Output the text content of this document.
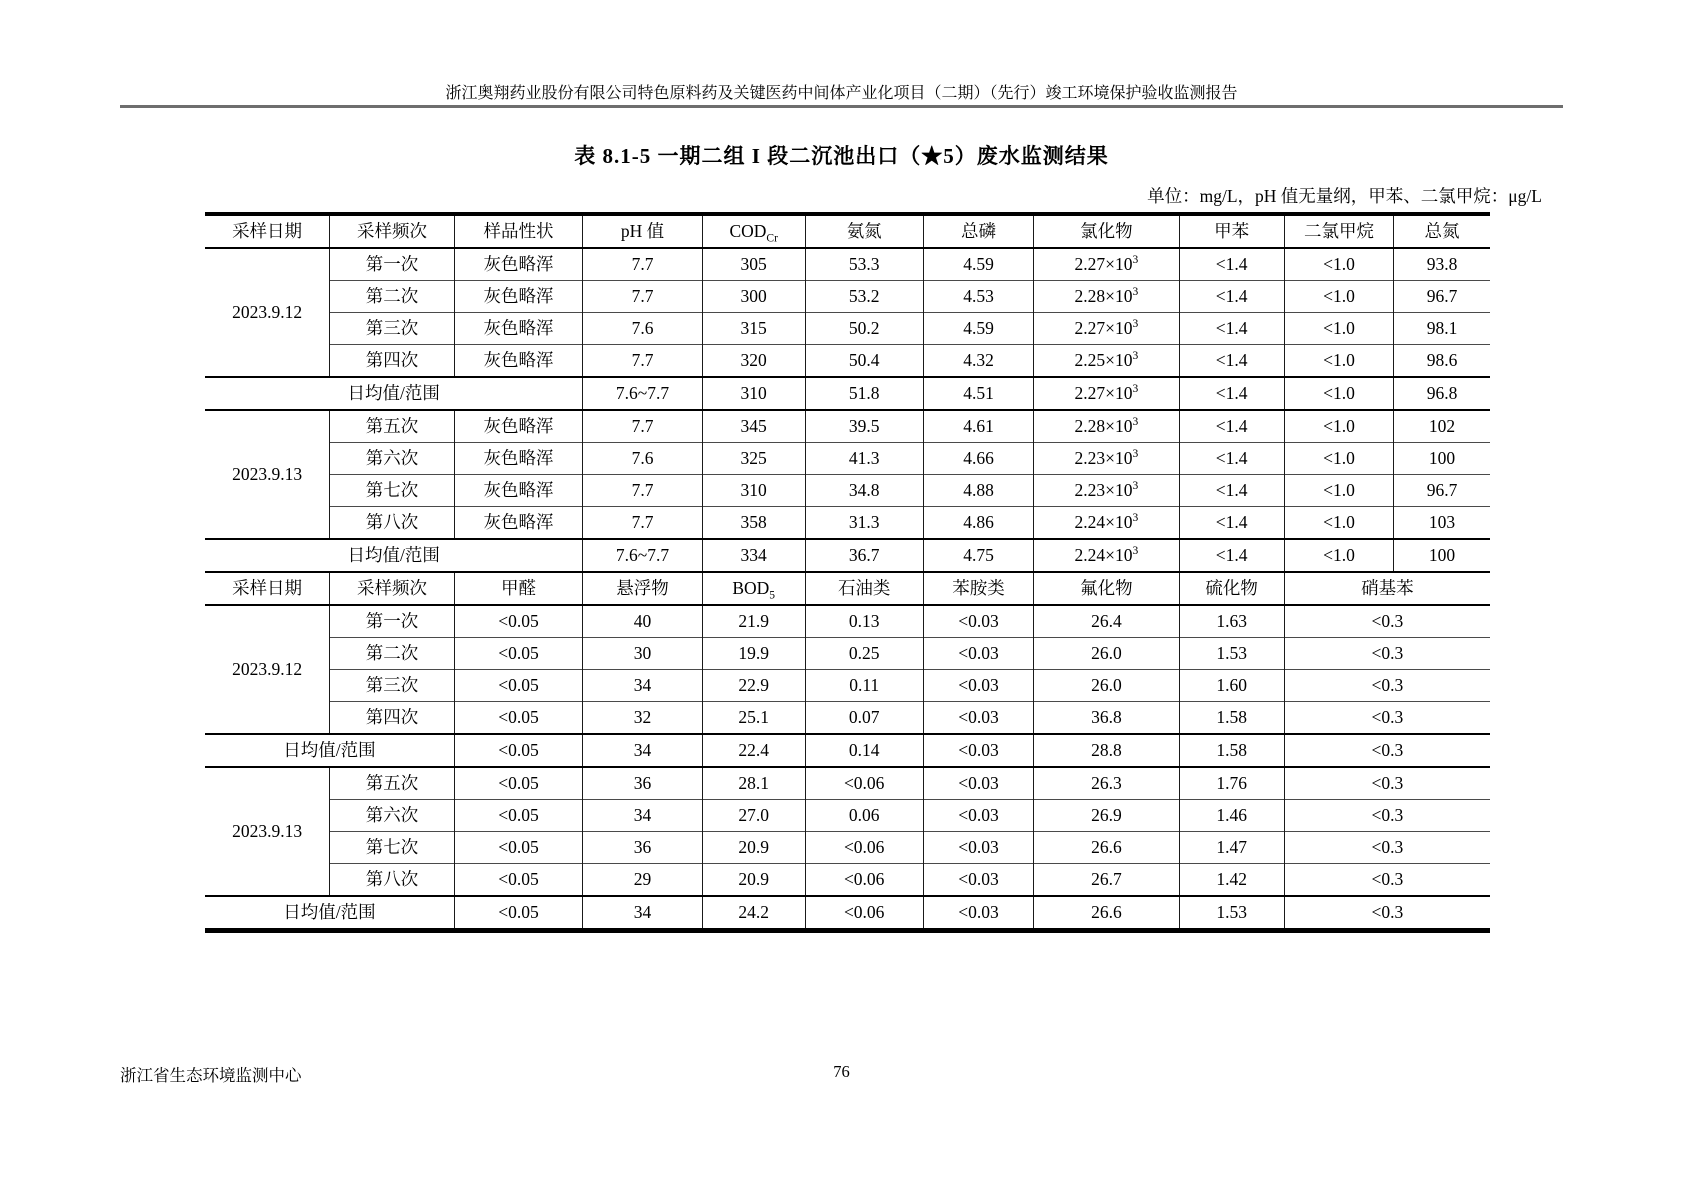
浙江奥翔药业股份有限公司特色原料药及关键医药中间体产业化项目（二期）（先行）竣工环境保护验收监测报告
表 8.1-5 一期二组 I 段二沉池出口（★5）废水监测结果
单位：mg/L，pH 值无量纲，甲苯、二氯甲烷：μg/L
采样日期	采样频次	样品性状	pH 值	$COD_{Cr}$	氨氮	总磷	氯化物	甲苯	二氯甲烷	总氮
2023.9.12	第一次	灰色略浑	7.7	305	53.3	4.59	$2.27\times 10^3$	<1.4	<1.0	93.8
	第二次	灰色略浑	7.7	300	53.2	4.53	$2.28\times 10^3$	<1.4	<1.0	96.7
	第三次	灰色略浑	7.6	315	50.2	4.59	$2.27\times 10^3$	<1.4	<1.0	98.1
	第四次	灰色略浑	7.7	320	50.4	4.32	$2.25\times 10^3$	<1.4	<1.0	98.6
日均值/范围			7.6~7.7	310	51.8	4.51	$2.27\times 10^3$	<1.4	<1.0	96.8
2023.9.13	第五次	灰色略浑	7.7	345	39.5	4.61	$2.28\times 10^3$	<1.4	<1.0	102
	第六次	灰色略浑	7.6	325	41.3	4.66	$2.23\times 10^3$	<1.4	<1.0	100
	第七次	灰色略浑	7.7	310	34.8	4.88	$2.23\times 10^3$	<1.4	<1.0	96.7
	第八次	灰色略浑	7.7	358	31.3	4.86	$2.24\times 10^3$	<1.4	<1.0	103
日均值/范围			7.6~7.7	334	36.7	4.75	$2.24\times 10^3$	<1.4	<1.0	100
采样日期	采样频次	甲醛	悬浮物	$BOD_5$	石油类	苯胺类	氟化物	硫化物	硝基苯	
2023.9.12	第一次	<0.05	40	21.9	0.13	<0.03	26.4	1.63	<0.3	
	第二次	<0.05	30	19.9	0.25	<0.03	26.0	1.53	<0.3	
	第三次	<0.05	34	22.9	0.11	<0.03	26.0	1.60	<0.3	
	第四次	<0.05	32	25.1	0.07	<0.03	36.8	1.58	<0.3	
日均值/范围		<0.05	34	22.4	0.14	<0.03	28.8	1.58	<0.3	
2023.9.13	第五次	<0.05	36	28.1	<0.06	<0.03	26.3	1.76	<0.3	
	第六次	<0.05	34	27.0	0.06	<0.03	26.9	1.46	<0.3	
	第七次	<0.05	36	20.9	<0.06	<0.03	26.6	1.47	<0.3	
	第八次	<0.05	29	20.9	<0.06	<0.03	26.7	1.42	<0.3	
日均值/范围		<0.05	34	24.2	<0.06	<0.03	26.6	1.53	<0.3	
浙江省生态环境监测中心	76
